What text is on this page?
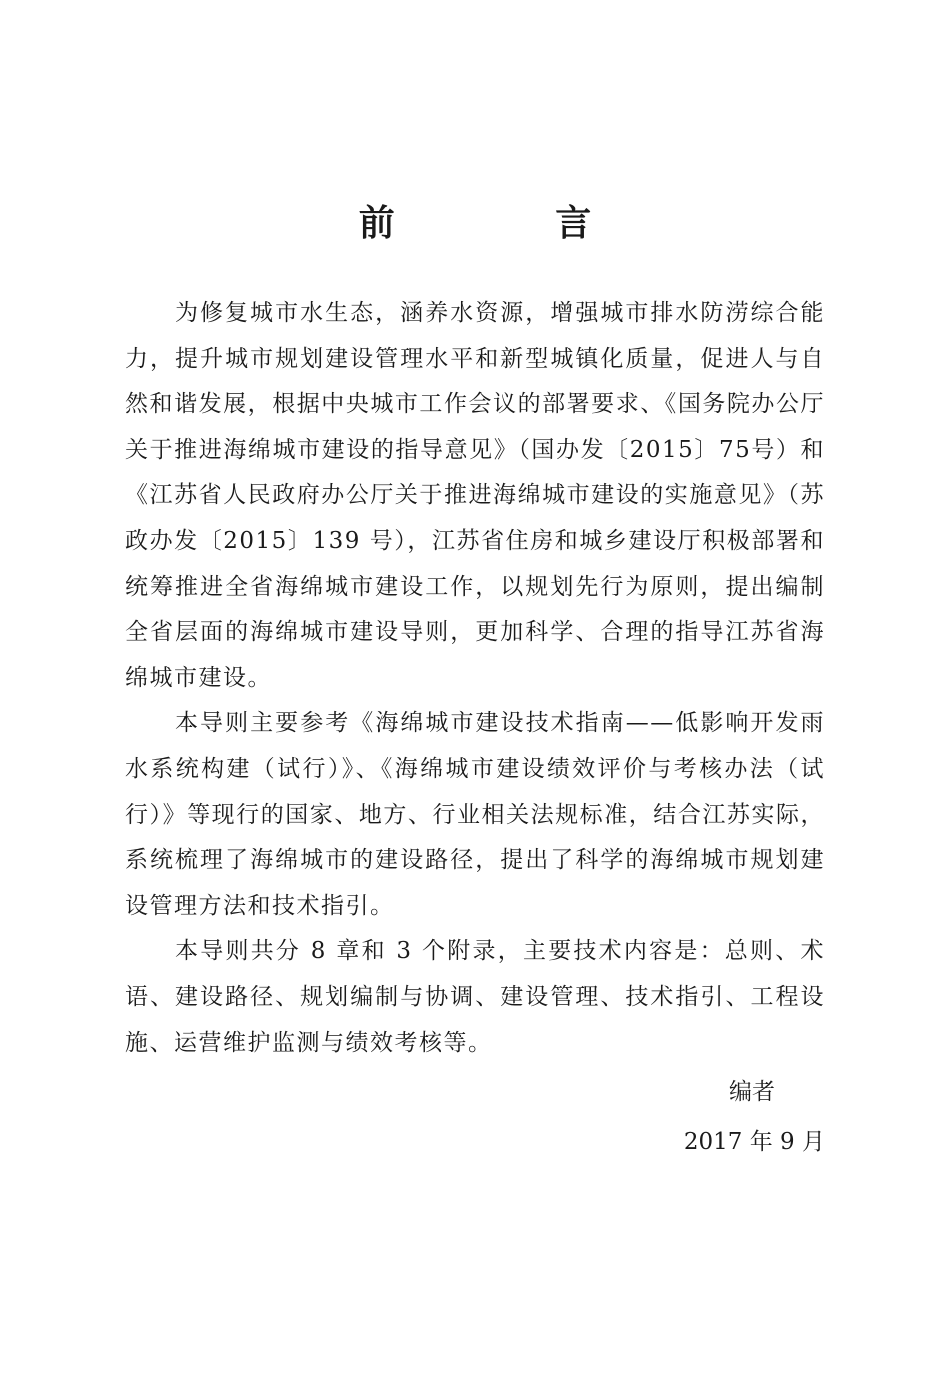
前 言

为修复城市水生态，涵养水资源，增强城市排水防涝综合能力，提升城市规划建设管理水平和新型城镇化质量，促进人与自然和谐发展，根据中央城市工作会议的部署要求、《国务院办公厅关于推进海绵城市建设的指导意见》（国办发〔2015〕75号）和《江苏省人民政府办公厅关于推进海绵城市建设的实施意见》（苏政办发〔2015〕139 号），江苏省住房和城乡建设厅积极部署和统筹推进全省海绵城市建设工作，以规划先行为原则，提出编制全省层面的海绵城市建设导则，更加科学、合理的指导江苏省海绵城市建设。

本导则主要参考《海绵城市建设技术指南——低影响开发雨水系统构建（试行）》、《海绵城市建设绩效评价与考核办法（试行）》等现行的国家、地方、行业相关法规标准，结合江苏实际，系统梳理了海绵城市的建设路径，提出了科学的海绵城市规划建设管理方法和技术指引。

本导则共分 8 章和 3 个附录，主要技术内容是：总则、术语、建设路径、规划编制与协调、建设管理、技术指引、工程设施、运营维护监测与绩效考核等。

编者

2017 年 9 月
